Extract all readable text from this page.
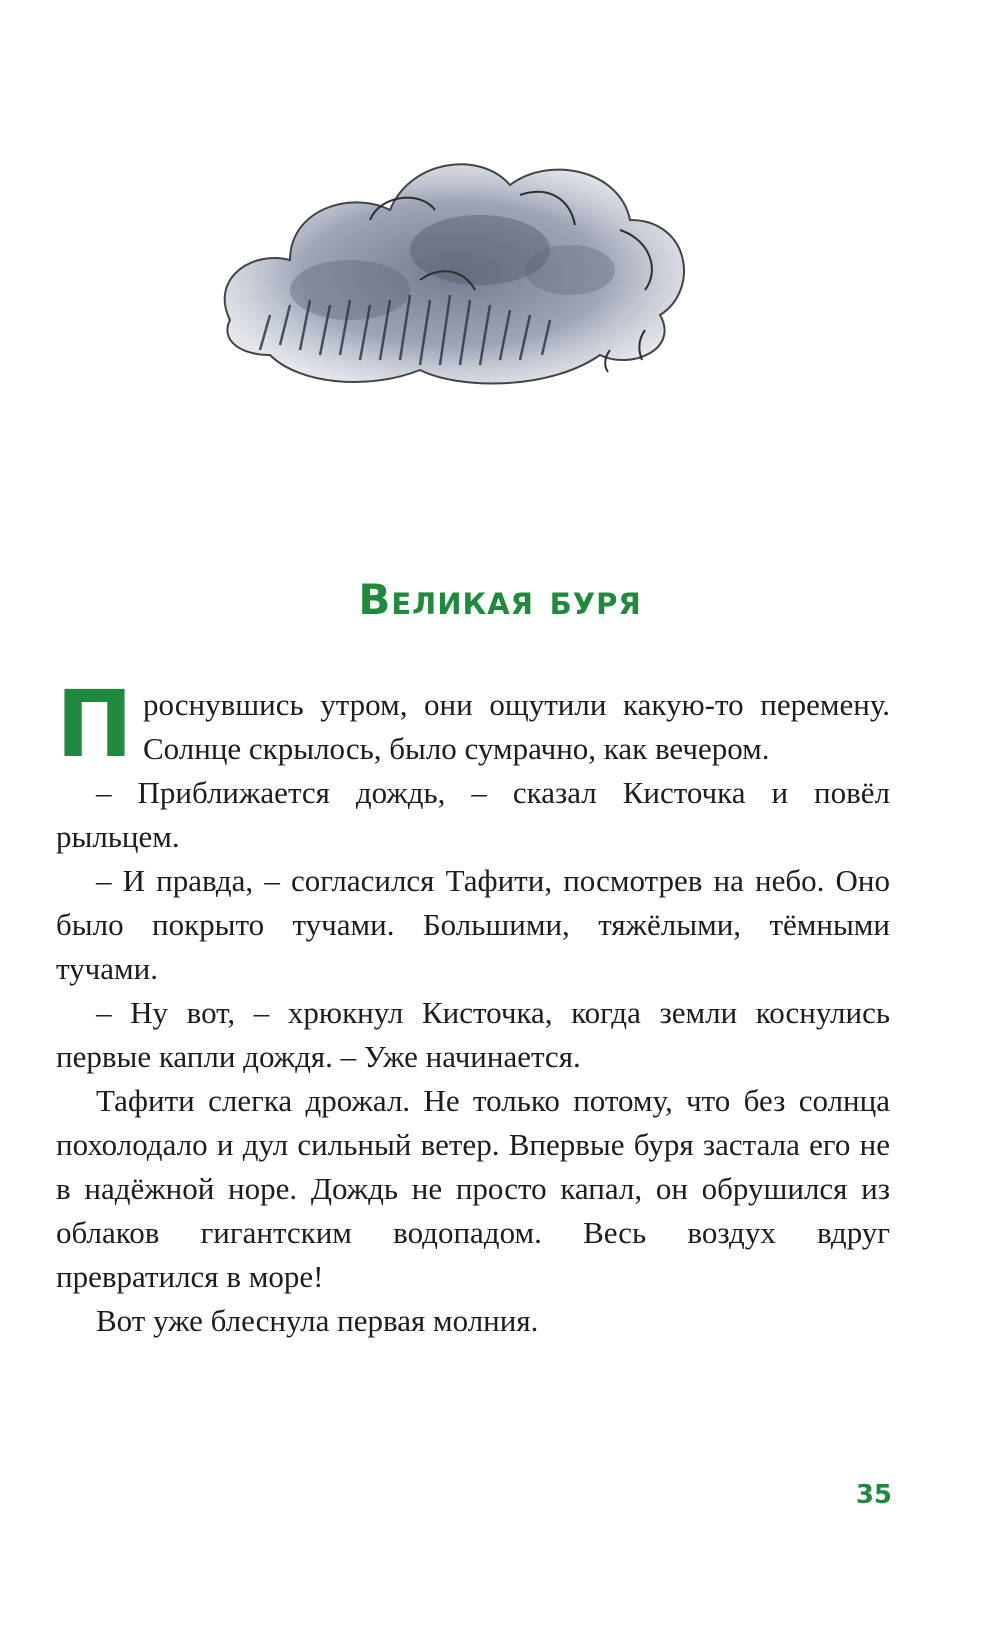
Великая буря

Проснувшись утром, они ощутили какую-то перемену. Солнце скрылось, было сумрачно, как вечером.

– Приближается дождь, – сказал Кисточка и повёл рыльцем.

– И правда, – согласился Тафити, посмотрев на небо. Оно было покрыто тучами. Большими, тяжёлыми, тёмными тучами.

– Ну вот, – хрюкнул Кисточка, когда земли коснулись первые капли дождя. – Уже начинается.

Тафити слегка дрожал. Не только потому, что без солнца похолодало и дул сильный ветер. Впервые буря застала его не в надёжной норе. Дождь не просто капал, он обрушился из облаков гигантским водопадом. Весь воздух вдруг превратился в море!

Вот уже блеснула первая молния.

35
